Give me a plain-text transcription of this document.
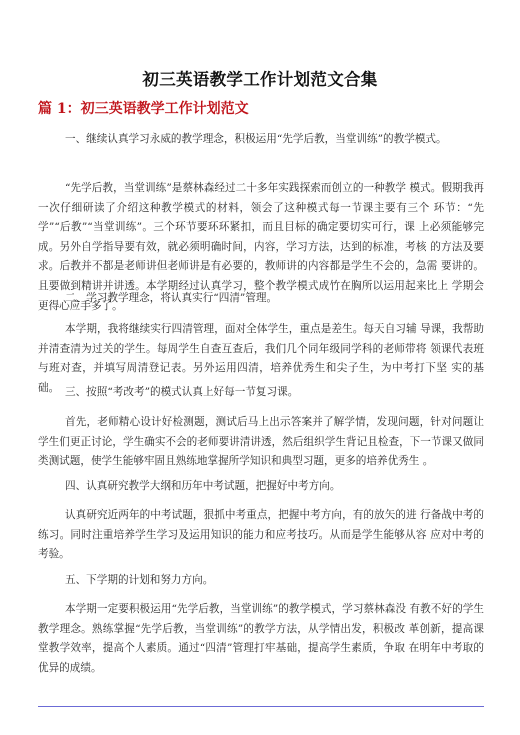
初三英语教学工作计划范文合集
篇 1：初三英语教学工作计划范文

一、继续认真学习永威的教学理念，积极运用“先学后教，当堂训练”的教学模式。

“先学后教，当堂训练”是蔡林森经过二十多年实践探索而创立的一种教学 模式。假期我再一次仔细研读了介绍这种教学模式的材料，领会了这种模式每一节课主要有三个 环节：“先学”“后教”“当堂训练”。三个环节要环环紧扣，而且目标的确定要切实可行，课 上必须能够完成。另外自学指导要有效，就必须明确时间，内容，学习方法，达到的标准，考核 的方法及要求。后教并不都是老师讲但老师讲是有必要的，教师讲的内容都是学生不会的，急需 要讲的。且要做到精讲并讲透。本学期经过认真学习，整个教学模式成竹在胸所以运用起来比上 学期会更得心应手多了。

二、学习教学理念，将认真实行“四清”管理。

本学期，我将继续实行四清管理，面对全体学生，重点是差生。每天自习辅 导课，我帮助并清查清为过关的学生。每周学生自查互查后，我们几个同年级同学科的老师带将 领课代表班与班对查，并填写周清登记表。另外运用四清，培养优秀生和尖子生，为中考打下坚 实的基础。 三、按照“考改考”的模式认真上好每一节复习课。

首先，老师精心设计好检测题，测试后马上出示答案并了解学情，发现问题，针对问题让学生们更正讨论，学生确实不会的老师要讲清讲透，然后组织学生背记且检查，下一节课又做同类测试题，使学生能够牢固且熟练地掌握所学知识和典型习题，更多的培养优秀生 。

四、认真研究教学大纲和历年中考试题，把握好中考方向。

认真研究近两年的中考试题，狠抓中考重点，把握中考方向，有的放矢的进 行备战中考的练习。同时注重培养学生学习及运用知识的能力和应考技巧。从而是学生能够从容 应对中考的考验。

五、下学期的计划和努力方向。

本学期一定要积极运用“先学后教，当堂训练”的教学模式，学习蔡林森没 有教不好的学生教学理念。熟练掌握“先学后教，当堂训练”的教学方法，从学情出发，积极改 革创新，提高课堂教学效率，提高个人素质。通过“四清”管理打牢基础，提高学生素质，争取 在明年中考取的优异的成绩。
